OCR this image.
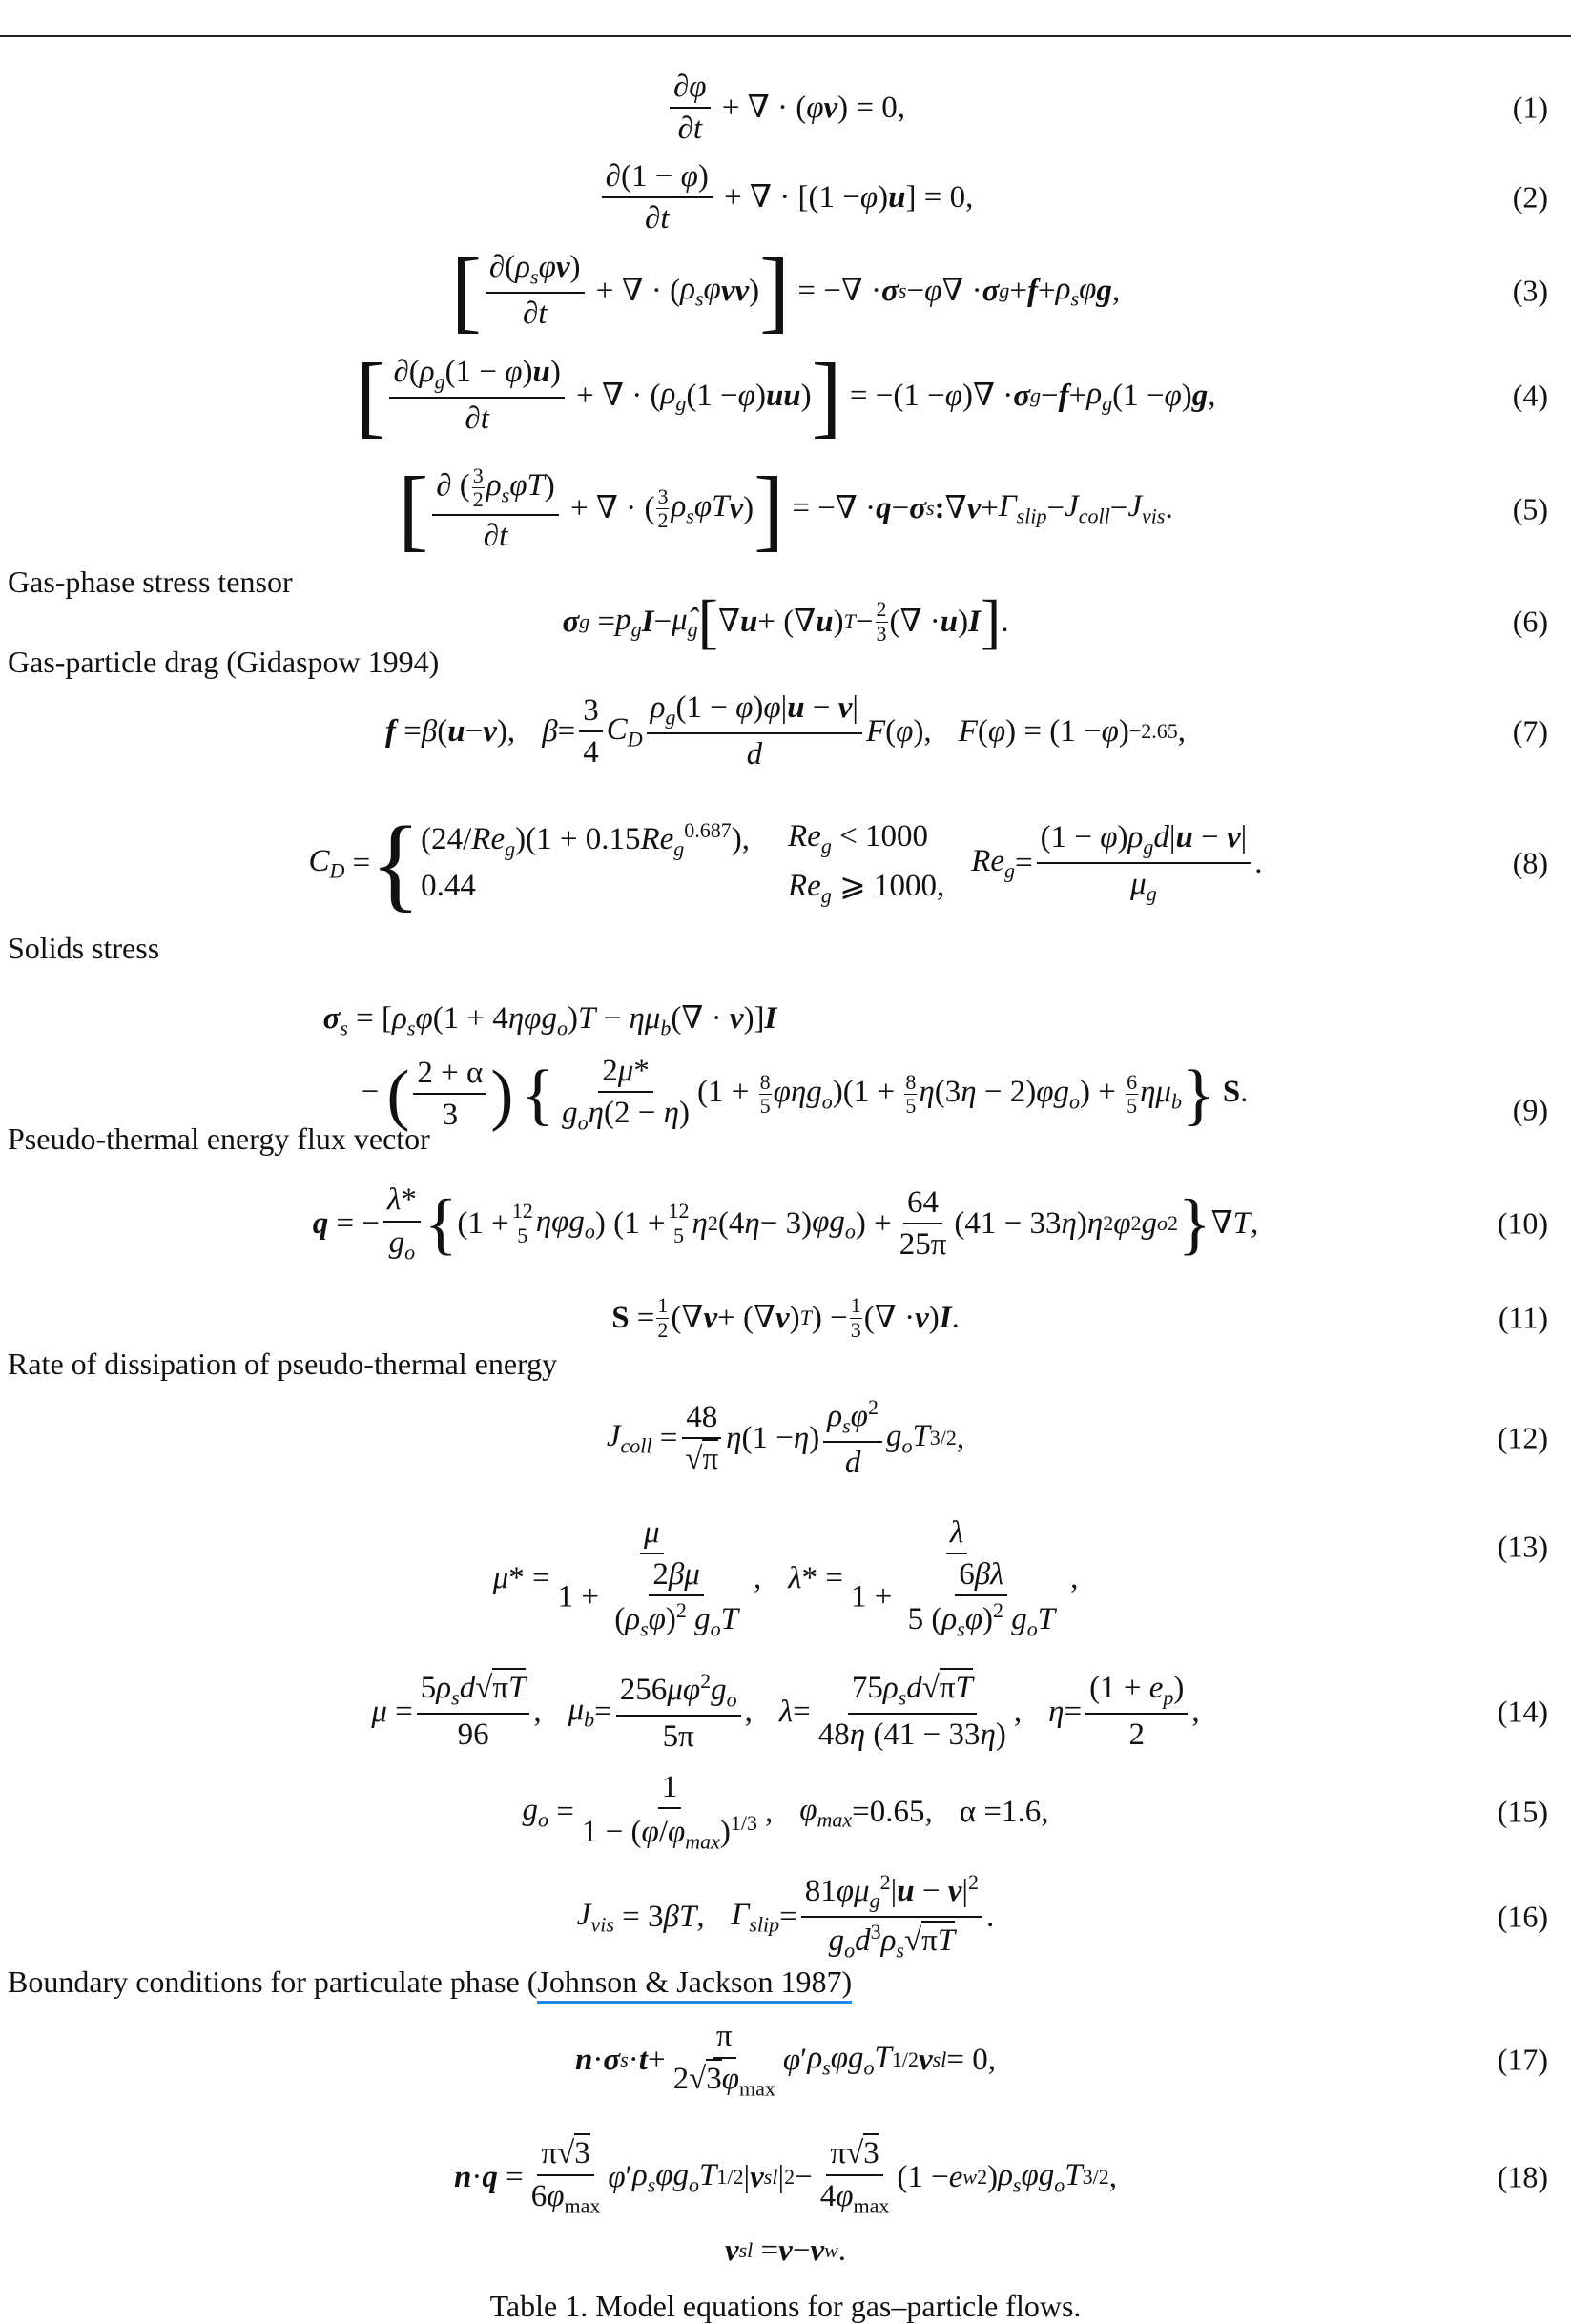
$\frac{\partial\varphi}{\partial t}$ + ∇ · ( φ v ) = 0,	(1)
$\frac{\partial(1 - \varphi)}{\partial t}$ + ∇ · [(1 − φ ) u ] = 0,	(2)
[ $\frac{\partial(\rho_s\varphi v)}{\partial t}$ + ∇ · ( $\rho_s\varphi$ vv ) ] = −∇ · σ s − φ ∇ · σ $g + f + \rho_s\varphi$ g ,	(3)
[ $\frac{\partial(\rho_g(1 - \varphi)u)}{\partial t}$ + ∇ · ( $\rho_g$ (1 − φ ) uu ) ] = −(1 − φ )∇ · σ $g - f + \rho_g$ (1 − φ ) g ,	(4)
[ $\frac{\partial ( \frac{3}{2} \rho_s\varphi T)}{\partial t}$ + ∇ · ( 3
2 $\rho_s\varphi T$ v ) ] = −∇ · q − σ s : ∇ $v + \Gamma_{slip} - J_{coll} - J_{vis}$ .	(5)
Gas-phase stress tensor
σ $g = p_g$ $I - \mû_g$ [ ∇ u + (∇ u ) T − 2
3 (∇ · u ) I ] .	(6)
Gas-particle drag (Gidaspow 1994)
f = β ( u − v ), $\beta = \frac{3}{4} C_D \frac{\rho_g(1 - \varphi)\varphi|u - v|}{d}$ F ( φ ), F ( φ ) = (1 − φ ) −2.65 ,	(7)
$C_D$ = { $(24/Re_g)(1 + 0.15Re_g^{0.687})$, $Re_g < 1000$
0.44	$Re_g$ ⩾ 1000,
$Re_g = \frac{(1 - \varphi)\rho_gd|u - v|}{\mu_g}$ .	(8)
Solids stress
$\sigma_s = [\rho_s\varphi(1 + 4\eta\varphi g_o)T - \eta\mu_b(\nabla \cdot v)]I$
− ( $\frac{2 + \alpha}{3}$ ) { $\frac{2\mu*}{g_o\eta(2 - \eta)} (1 + \frac{8}{5} \varphi\eta g_o)(1 + \frac{8}{5} \eta(3\eta - 2)\varphi g_o) + \frac{6}{5} \eta\mu_b$} S.
(9)
Pseudo-thermal energy flux vector
q = − $\frac{\lambda*}{g_o}$ { (1 + 12
5 ηφg$_o$ ) (1 + 12
5 η 2 (4 η − 3) $\varphi g_o$ ) + $\frac{64}{25\pi} (41 - 33$ η ) η 2 φ 2 g o 2 } ∇ T ,	(10)
S = 1
2 (∇ v + (∇ v ) T ) − 1
3 (∇ · v ) I .	(11)
Rate of dissipation of pseudo-thermal energy
$J_{coll} = \frac{48}{√\pi}$ η (1 − η ) $\frac{\rho_s\varphi^2}{d} g_oT$ 3/2 ,	(12)
μ * = $\frac{\mu}{1 + \frac{2\beta\mu}{(\rho_s\varphi)^2 g_oT}}$ , λ * = $\frac{\lambda}{1 + \frac{6\beta\lambda}{5 (\rho_s\varphi)^2 g_oT}}$ ,
(13)
$\mu = \frac{5\rho_sd√\pi T}{96}$ , $\mu_b = \frac{256\mu\varphi^2g_o}{5\pi}$ , $\lambda = \frac{75\rho_sd√\pi T}{48\eta (41 - 33\eta)}$ , $\eta = \frac{(1 + e_p)}{2}$ ,	(14)
$g_o = \frac{1}{1 - (\varphi/\varphi_{max})^{1/3}}$ , $\varphi_{max} = 0.65$ , α = 1.6 ,	(15)
$J_{vis} = 3$ βT , $\Gamma_{slip} = \frac{81\varphi\mu_g^2|u - v|^2}{g_od^3\rho_s√\pi T}$ .	(16)
Boundary conditions for particulate phase (Johnson & Jackson 1987)
n · σ $s \cdot t + \frac{\pi}{2√3\varphi_{max}}$ φ ′ $\rho_s\varphi g_oT$ 1/2 v sl = 0,	(17)
$n \cdot q = \frac{\pi√3}{6\varphi_{max}}$ φ ′ $\rho_s\varphi g_oT$ 1/2 | v sl | $2 - \frac{\pi√3}{4\varphi_{max}} (1 - e$ w 2 ) $\rho_s\varphi g_oT$ 3/2 ,	(18)
v sl = v − v w .
Table 1. Model equations for gas–particle flows.
